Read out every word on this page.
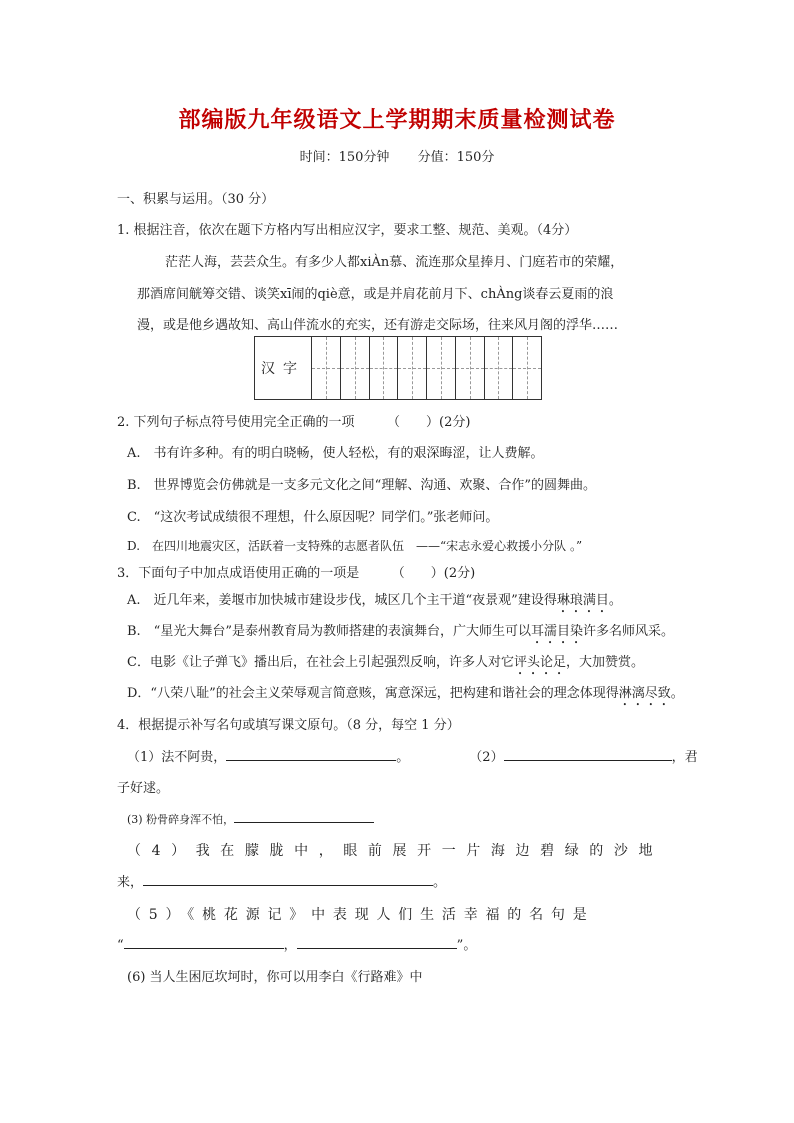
部编版九年级语文上学期期末质量检测试卷
时间：150分钟 分值：150分
一、积累与运用。（30 分）
1. 根据注音，依次在题下方格内写出相应汉字，要求工整、规范、美观。（4分）
茫茫人海，芸芸众生。有多少人都xiÀn慕、流连那众星捧月、门庭若市的荣耀，
那酒席间觥筹交错、谈笑xī闹的qiè意，或是并肩花前月下、chÀng谈春云夏雨的浪
漫，或是他乡遇故知、高山伴流水的充实，还有游走交际场，往来风月阁的浮华……
汉字
2. 下列句子标点符号使用完全正确的一项　　　（　　）(2分)
A.　书有许多种。有的明白晓畅，使人轻松，有的艰深晦涩，让人费解。
B.　世界博览会仿佛就是一支多元文化之间“理解、沟通、欢聚、合作”的圆舞曲。
C.　“这次考试成绩很不理想，什么原因呢？同学们。”张老师问。
D.　在四川地震灾区，活跃着一支特殊的志愿者队伍　——“宋志永爱心救援小分队 。”
3．下面句子中加点成语使用正确的一项是　　　（　　）(2分)
A.　近几年来，姜堰市加快城市建设步伐，城区几个主干道“夜景观”建设得琳琅满目。
B.　“星光大舞台”是泰州教育局为教师搭建的表演舞台，广大师生可以耳濡目染许多名师风采。
C．电影《让子弹飞》播出后，在社会上引起强烈反响，许多人对它评头论足，大加赞赏。
D．“八荣八耻”的社会主义荣辱观言简意赅，寓意深远，把构建和谐社会的理念体现得淋漓尽致。
4．根据提示补写名句或填写课文原句。（8 分，每空 1 分）
（1）法不阿贵，	。	（2）	，君
子好逑。
(3) 粉骨碎身浑不怕，
（4）我在朦胧中，眼前展开一片海边碧绿的沙地
来，	。
（5）《桃花源记》中表现人们生活幸福的名句是
“	，	”。
(6) 当人生困厄坎坷时，你可以用李白《行路难》中
